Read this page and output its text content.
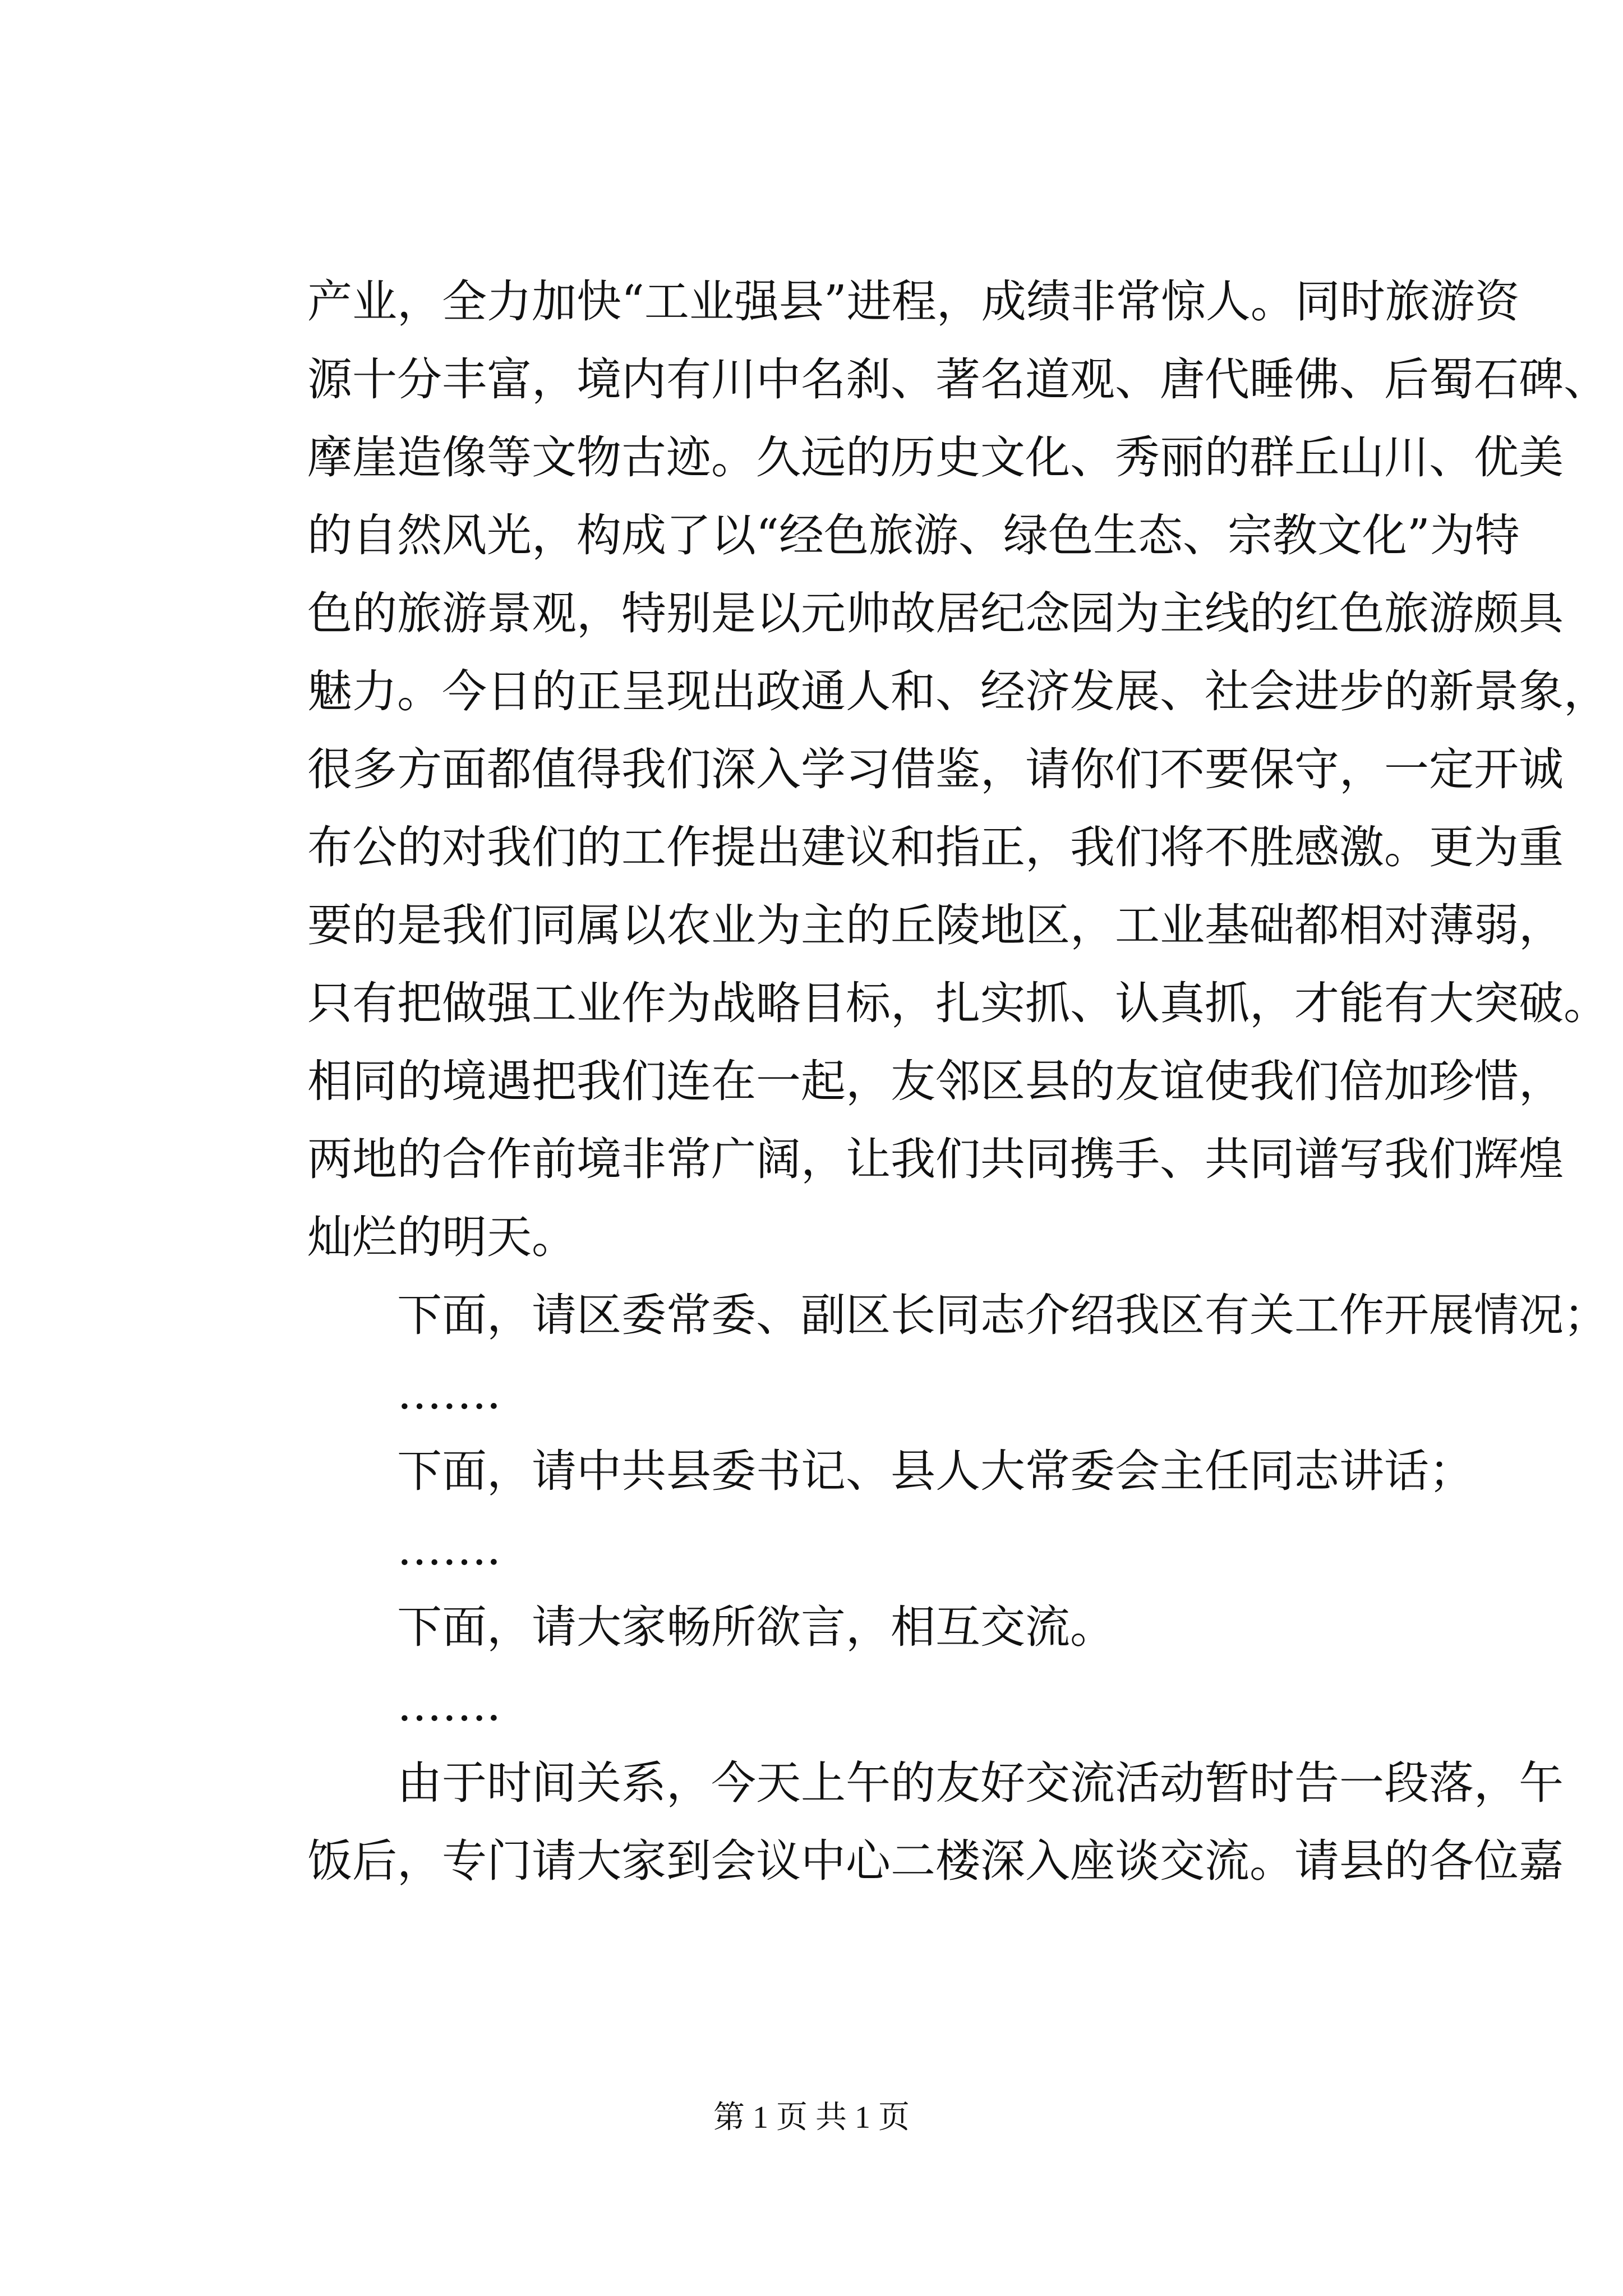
产业，全力加快“工业强县”进程，成绩非常惊人。同时旅游资
源十分丰富，境内有川中名刹、著名道观、唐代睡佛、后蜀石碑、
摩崖造像等文物古迹。久远的历史文化、秀丽的群丘山川、优美
的自然风光，构成了以“经色旅游、绿色生态、宗教文化”为特
色的旅游景观，特别是以元帅故居纪念园为主线的红色旅游颇具
魅力。今日的正呈现出政通人和、经济发展、社会进步的新景象，
很多方面都值得我们深入学习借鉴，请你们不要保守，一定开诚
布公的对我们的工作提出建议和指正，我们将不胜感激。更为重
要的是我们同属以农业为主的丘陵地区，工业基础都相对薄弱，
只有把做强工业作为战略目标，扎实抓、认真抓，才能有大突破。
相同的境遇把我们连在一起，友邻区县的友谊使我们倍加珍惜，
两地的合作前境非常广阔，让我们共同携手、共同谱写我们辉煌
灿烂的明天。
　　下面，请区委常委、副区长同志介绍我区有关工作开展情况；
　　……．
　　下面，请中共县委书记、县人大常委会主任同志讲话；
　　……．
　　下面，请大家畅所欲言，相互交流。
　　……．
　　由于时间关系，今天上午的友好交流活动暂时告一段落，午
饭后，专门请大家到会议中心二楼深入座谈交流。请县的各位嘉
第 1 页 共 1 页
